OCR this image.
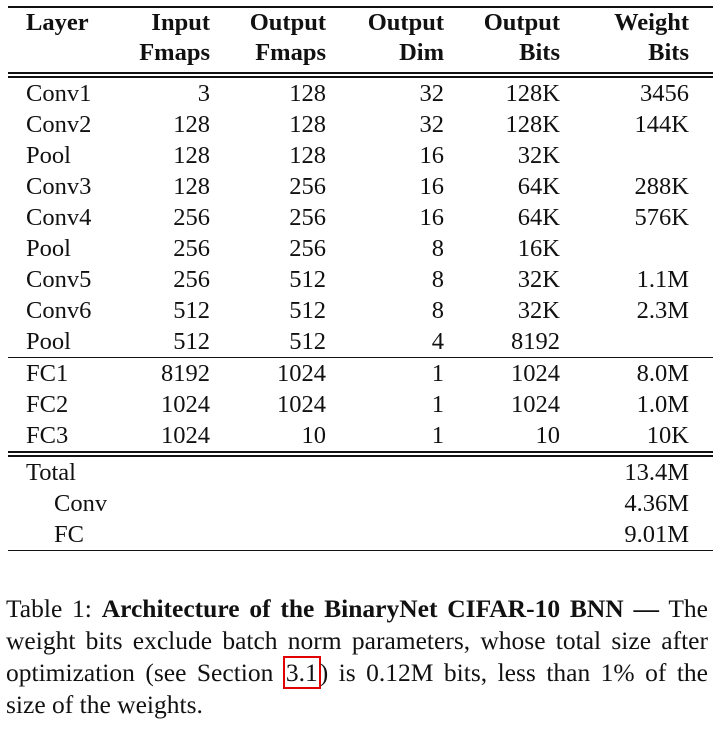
Layer	Input	Output	Output	Output	Weight
	Fmaps	Fmaps	Dim	Bits	Bits

Conv1	3	128	32	128K	3456
Conv2	128	128	32	128K	144K
Pool	128	128	16	32K	
Conv3	128	256	16	64K	288K
Conv4	256	256	16	64K	576K
Pool	256	256	8	16K	
Conv5	256	512	8	32K	1.1M
Conv6	512	512	8	32K	2.3M
Pool	512	512	4	8192	
FC1	8192	1024	1	1024	8.0M
FC2	1024	1024	1	1024	1.0M
FC3	1024	10	1	10	10K

Total					13.4M
Conv					4.36M
FC					9.01M
Table 1: Architecture of the BinaryNet CIFAR-10 BNN — The weight bits exclude batch norm parameters, whose total size after optimization (see Section 3.1) is 0.12M bits, less than 1% of the size of the weights.
